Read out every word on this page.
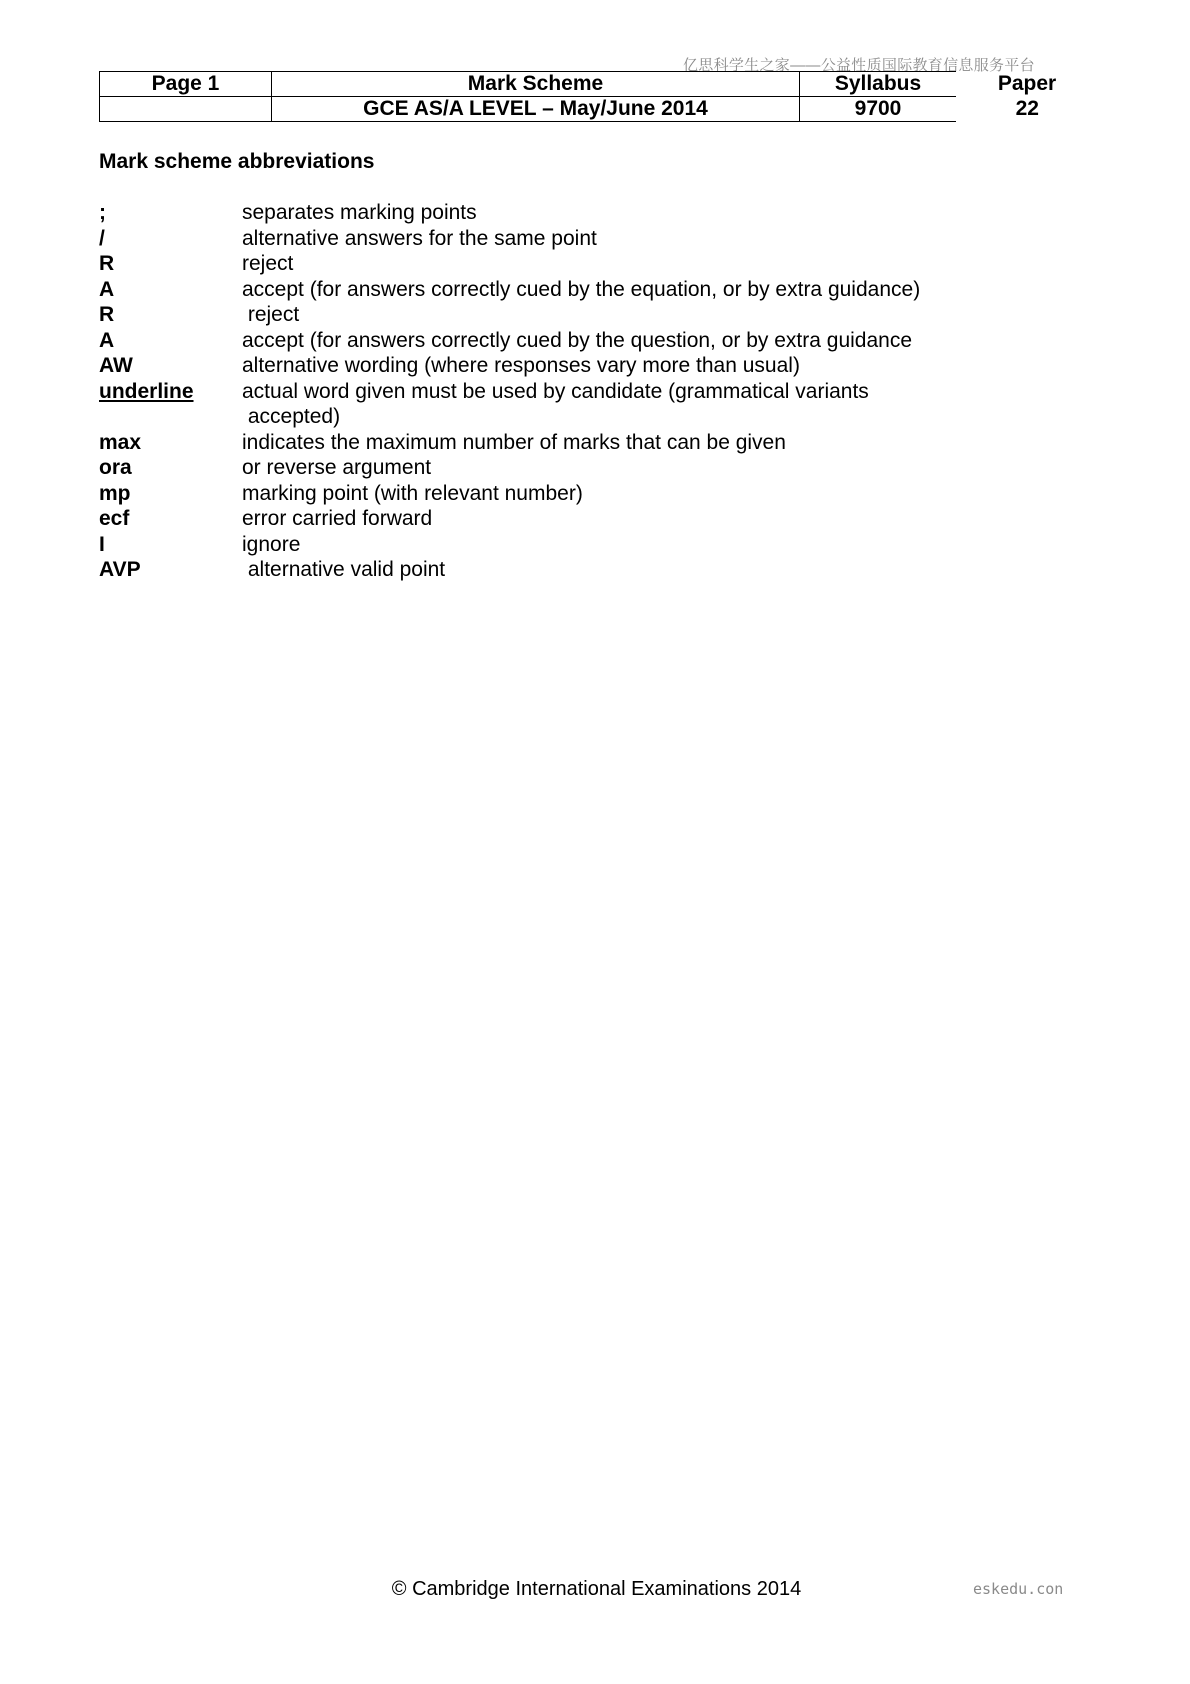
亿思科学生之家——公益性质国际教育信息服务平台
Page 1	Mark Scheme	Syllabus	Paper
	GCE AS/A LEVEL – May/June 2014	9700	22
Mark scheme abbreviations
;	separates marking points
/	alternative answers for the same point
R	reject
A	accept (for answers correctly cued by the equation, or by extra guidance)
R	reject
A	accept (for answers correctly cued by the question, or by extra guidance
AW	alternative wording (where responses vary more than usual)
underline	actual word given must be used by candidate (grammatical variants
accepted)
max	indicates the maximum number of marks that can be given
ora	or reverse argument
mp	marking point (with relevant number)
ecf	error carried forward
I	ignore
AVP	alternative valid point
© Cambridge International Examinations 2014	eskedu.con
